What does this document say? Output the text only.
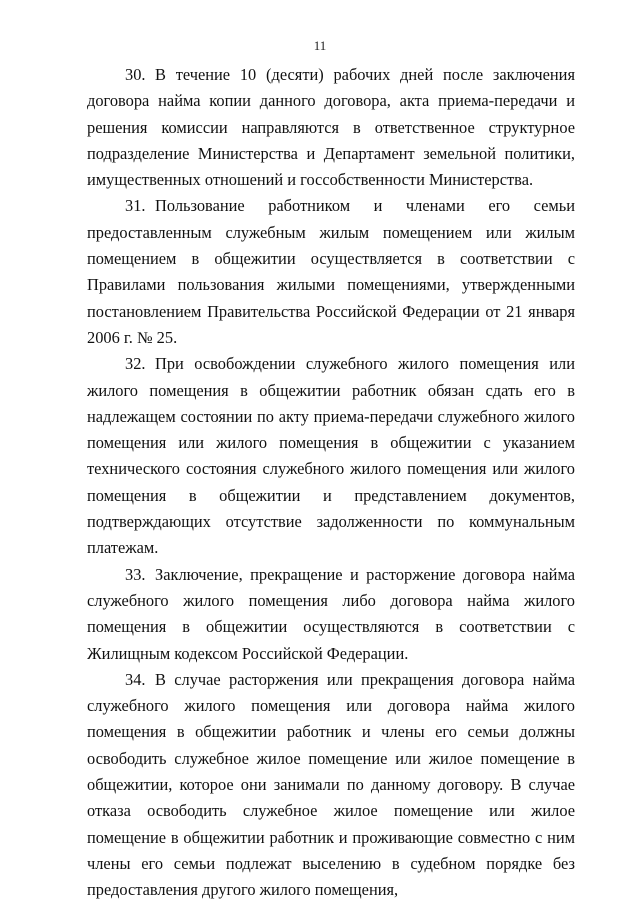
11

30. В течение 10 (десяти) рабочих дней после заключения договора найма копии данного договора, акта приема-передачи и решения комиссии направляются в ответственное структурное подразделение Министерства и Департамент земельной политики, имущественных отношений и госсобственности Министерства.

31. Пользование работником и членами его семьи предоставленным служебным жилым помещением или жилым помещением в общежитии осуществляется в соответствии с Правилами пользования жилыми помещениями, утвержденными постановлением Правительства Российской Федерации от 21 января 2006 г. № 25.

32. При освобождении служебного жилого помещения или жилого помещения в общежитии работник обязан сдать его в надлежащем состоянии по акту приема-передачи служебного жилого помещения или жилого помещения в общежитии с указанием технического состояния служебного жилого помещения или жилого помещения в общежитии и представлением документов, подтверждающих отсутствие задолженности по коммунальным платежам.

33. Заключение, прекращение и расторжение договора найма служебного жилого помещения либо договора найма жилого помещения в общежитии осуществляются в соответствии с Жилищным кодексом Российской Федерации.

34. В случае расторжения или прекращения договора найма служебного жилого помещения или договора найма жилого помещения в общежитии работник и члены его семьи должны освободить служебное жилое помещение или жилое помещение в общежитии, которое они занимали по данному договору. В случае отказа освободить служебное жилое помещение или жилое помещение в общежитии работник и проживающие совместно с ним члены его семьи подлежат выселению в судебном порядке без предоставления другого жилого помещения,
